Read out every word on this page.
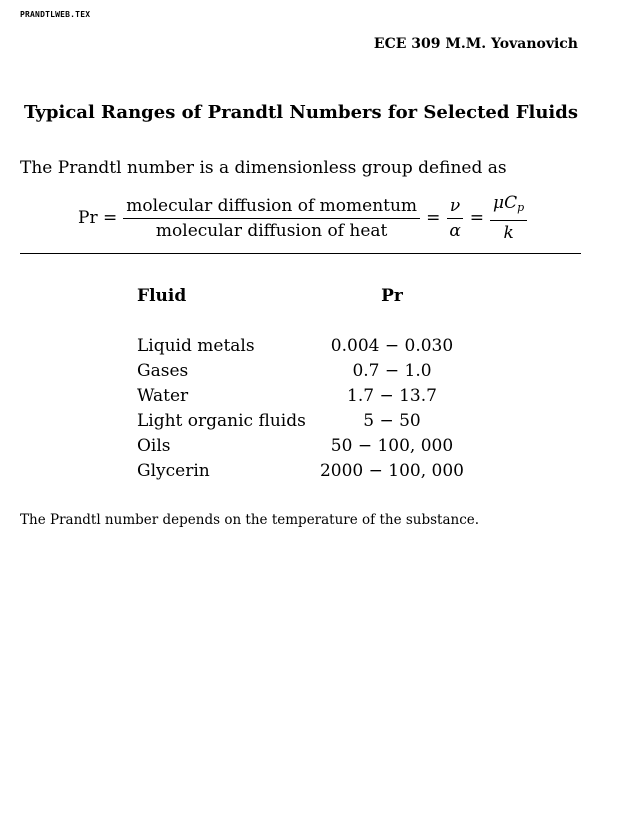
PRANDTLWEB.TEX
ECE 309 M.M. Yovanovich
Typical Ranges of Prandtl Numbers for Selected Fluids
The Prandtl number is a dimensionless group defined as
$Pr = \frac{\text{molecular diffusion of momentum}}{\text{molecular diffusion of heat}} = \frac{\nu}{\alpha} = \frac{\mu C_p}{k}$
Fluid	Pr

Liquid metals	0.004 − 0.030
Gases	0.7 − 1.0
Water	1.7 − 13.7
Light organic fluids	5 − 50
Oils	50 − 100, 000
Glycerin	2000 − 100, 000
The Prandtl number depends on the temperature of the substance.
